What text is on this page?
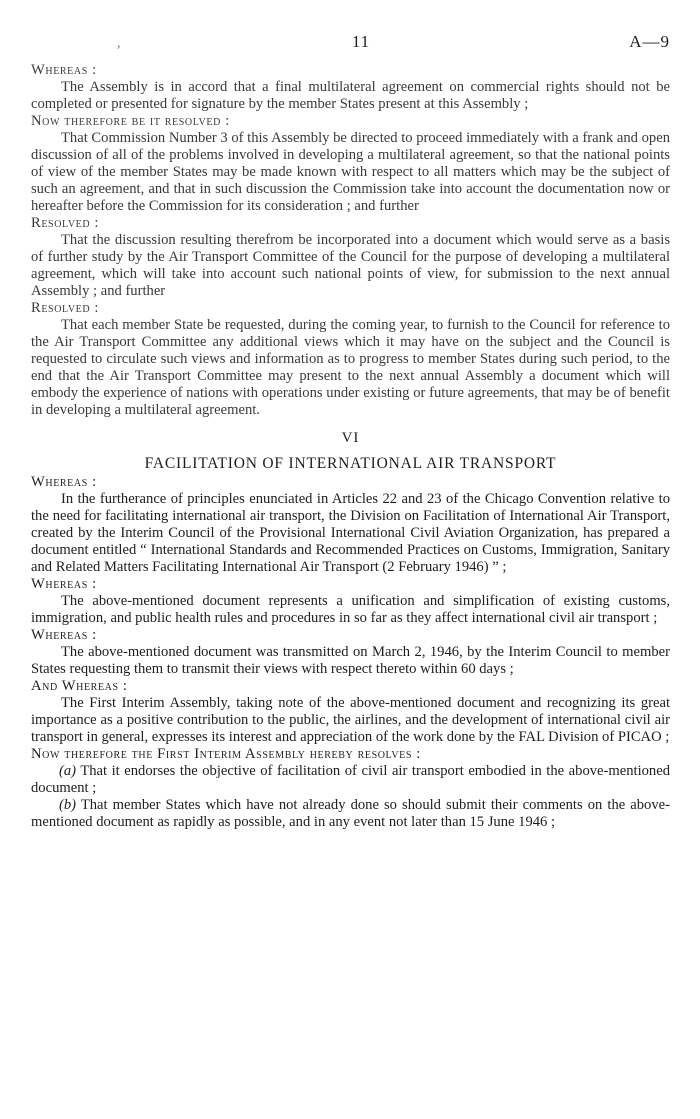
,	11	A—9

Whereas :

The Assembly is in accord that a final multilateral agreement on commercial rights should not be completed or presented for signature by the member States present at this Assembly ;

Now therefore be it resolved :

That Commission Number 3 of this Assembly be directed to proceed immediately with a frank and open discussion of all of the problems involved in developing a multilateral agreement, so that the national points of view of the member States may be made known with respect to all matters which may be the subject of such an agreement, and that in such discussion the Commission take into account the documentation now or hereafter before the Commission for its consideration ; and further

Resolved :

That the discussion resulting therefrom be incorporated into a document which would serve as a basis of further study by the Air Transport Committee of the Council for the purpose of developing a multilateral agreement, which will take into account such national points of view, for submission to the next annual Assembly ; and further

Resolved :

That each member State be requested, during the coming year, to furnish to the Council for reference to the Air Transport Committee any additional views which it may have on the subject and the Council is requested to circulate such views and information as to progress to member States during such period, to the end that the Air Transport Committee may present to the next annual Assembly a document which will embody the experience of nations with operations under existing or future agreements, that may be of benefit in developing a multilateral agreement.

VI
FACILITATION OF INTERNATIONAL AIR TRANSPORT

Whereas :

In the furtherance of principles enunciated in Articles 22 and 23 of the Chicago Convention relative to the need for facilitating international air transport, the Division on Facilitation of International Air Transport, created by the Interim Council of the Provisional International Civil Aviation Organization, has prepared a document entitled “ International Standards and Recommended Practices on Customs, Immigration, Sanitary and Related Matters Facilitating International Air Transport (2 February 1946) ” ;

Whereas :

The above-mentioned document represents a unification and simplification of existing customs, immigration, and public health rules and procedures in so far as they affect international civil air transport ;

Whereas :

The above-mentioned document was transmitted on March 2, 1946, by the Interim Council to member States requesting them to transmit their views with respect thereto within 60 days ;

And Whereas :

The First Interim Assembly, taking note of the above-mentioned document and recognizing its great importance as a positive contribution to the public, the airlines, and the development of international civil air transport in general, expresses its interest and appreciation of the work done by the FAL Division of PICAO ;

Now therefore the First Interim Assembly hereby resolves :

(a) That it endorses the objective of facilitation of civil air transport embodied in the above-mentioned document ;

(b) That member States which have not already done so should submit their comments on the above-mentioned document as rapidly as possible, and in any event not later than 15 June 1946 ;
